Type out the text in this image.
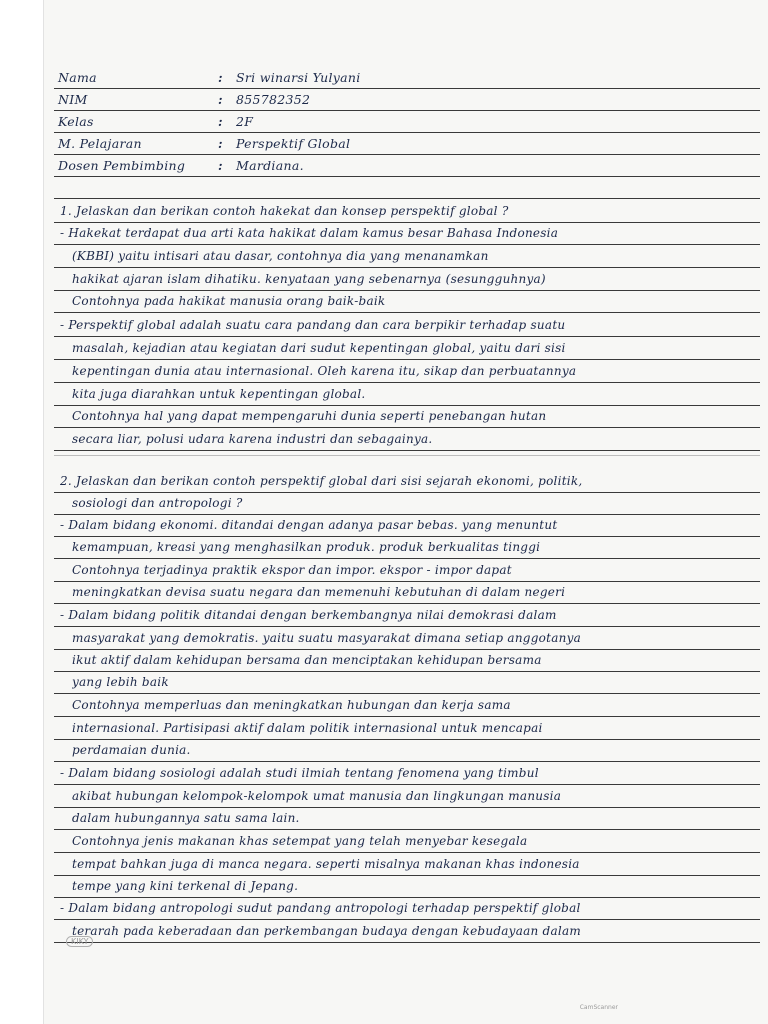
Nama	: Sri winarsi Yulyani
NIM	: 855782352
Kelas	: 2F
M. Pelajaran	: Perspektif Global
Dosen Pembimbing	: Mardiana.
1. Jelaskan dan berikan contoh hakekat dan konsep perspektif global ?
- Hakekat terdapat dua arti kata hakikat dalam kamus besar Bahasa Indonesia
(KBBI) yaitu intisari atau dasar, contohnya dia yang menanamkan
hakikat ajaran islam dihatiku. kenyataan yang sebenarnya (sesungguhnya)
Contohnya pada hakikat manusia orang baik-baik
- Perspektif global adalah suatu cara pandang dan cara berpikir terhadap suatu
masalah, kejadian atau kegiatan dari sudut kepentingan global, yaitu dari sisi
kepentingan dunia atau internasional. Oleh karena itu, sikap dan perbuatannya
kita juga diarahkan untuk kepentingan global.
Contohnya hal yang dapat mempengaruhi dunia seperti penebangan hutan
secara liar, polusi udara karena industri dan sebagainya.
2. Jelaskan dan berikan contoh perspektif global dari sisi sejarah ekonomi, politik,
sosiologi dan antropologi ?
- Dalam bidang ekonomi. ditandai dengan adanya pasar bebas. yang menuntut
kemampuan, kreasi yang menghasilkan produk. produk berkualitas tinggi
Contohnya terjadinya praktik ekspor dan impor. ekspor - impor dapat
meningkatkan devisa suatu negara dan memenuhi kebutuhan di dalam negeri
- Dalam bidang politik ditandai dengan berkembangnya nilai demokrasi dalam
masyarakat yang demokratis. yaitu suatu masyarakat dimana setiap anggotanya
ikut aktif dalam kehidupan bersama dan menciptakan kehidupan bersama
yang lebih baik
Contohnya memperluas dan meningkatkan hubungan dan kerja sama
internasional. Partisipasi aktif dalam politik internasional untuk mencapai
perdamaian dunia.
- Dalam bidang sosiologi adalah studi ilmiah tentang fenomena yang timbul
akibat hubungan kelompok-kelompok umat manusia dan lingkungan manusia
dalam hubungannya satu sama lain.
Contohnya jenis makanan khas setempat yang telah menyebar kesegala
tempat bahkan juga di manca negara. seperti misalnya makanan khas indonesia
tempe yang kini terkenal di Jepang.
- Dalam bidang antropologi sudut pandang antropologi terhadap perspektif global
terarah pada keberadaan dan perkembangan budaya dengan kebudayaan dalam
KIKY
CamScanner
